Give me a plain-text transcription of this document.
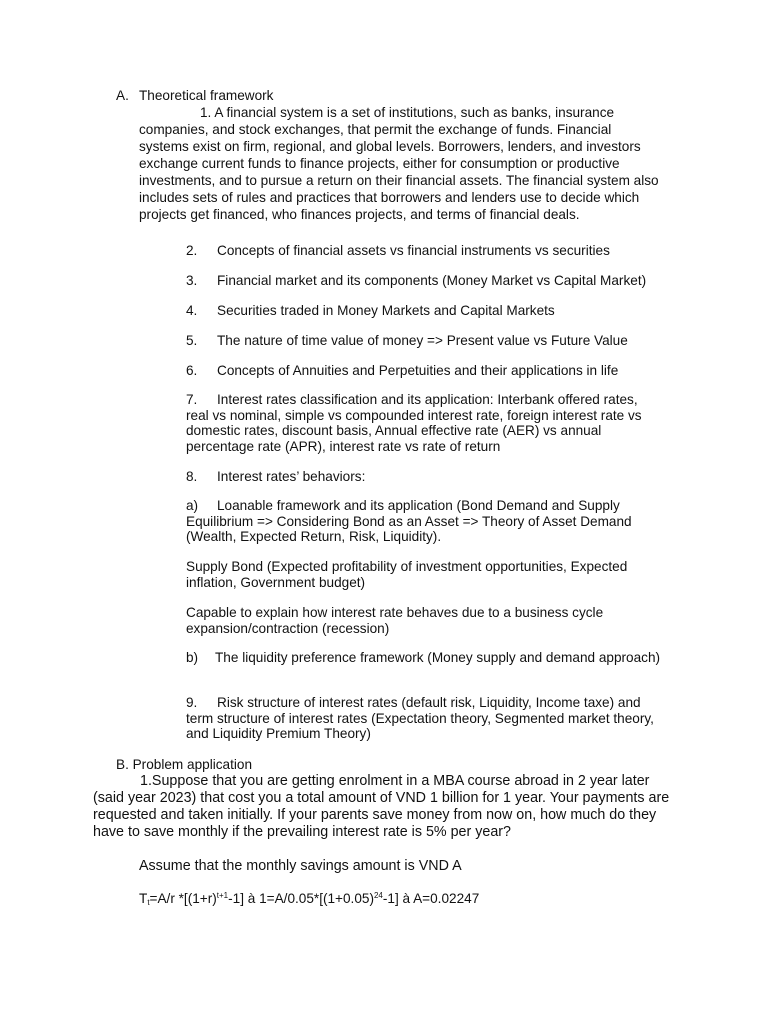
A. Theoretical framework

1. A financial system is a set of institutions, such as banks, insurance companies, and stock exchanges, that permit the exchange of funds. Financial systems exist on firm, regional, and global levels. Borrowers, lenders, and investors exchange current funds to finance projects, either for consumption or productive investments, and to pursue a return on their financial assets. The financial system also includes sets of rules and practices that borrowers and lenders use to decide which projects get financed, who finances projects, and terms of financial deals.

2. Concepts of financial assets vs financial instruments vs securities

3. Financial market and its components (Money Market vs Capital Market)

4. Securities traded in Money Markets and Capital Markets

5. The nature of time value of money => Present value vs Future Value

6. Concepts of Annuities and Perpetuities and their applications in life

7. Interest rates classification and its application: Interbank offered rates, real vs nominal, simple vs compounded interest rate, foreign interest rate vs domestic rates, discount basis, Annual effective rate (AER) vs annual percentage rate (APR), interest rate vs rate of return

8. Interest rates’ behaviors:

a) Loanable framework and its application (Bond Demand and Supply Equilibrium => Considering Bond as an Asset => Theory of Asset Demand (Wealth, Expected Return, Risk, Liquidity).

Supply Bond (Expected profitability of investment opportunities, Expected inflation, Government budget)

Capable to explain how interest rate behaves due to a business cycle expansion/contraction (recession)

b) The liquidity preference framework (Money supply and demand approach)

9. Risk structure of interest rates (default risk, Liquidity, Income taxe) and term structure of interest rates (Expectation theory, Segmented market theory, and Liquidity Premium Theory)

B. Problem application

1.Suppose that you are getting enrolment in a MBA course abroad in 2 year later (said year 2023) that cost you a total amount of VND 1 billion for 1 year. Your payments are requested and taken initially. If your parents save money from now on, how much do they have to save monthly if the prevailing interest rate is 5% per year?

Assume that the monthly savings amount is VND A

$T_t=A/r$ $*[(1+r)^{t+1}-1]$ à $1=A/0.05*[(1+0.05)^{24}-1]$ à A=0.02247
